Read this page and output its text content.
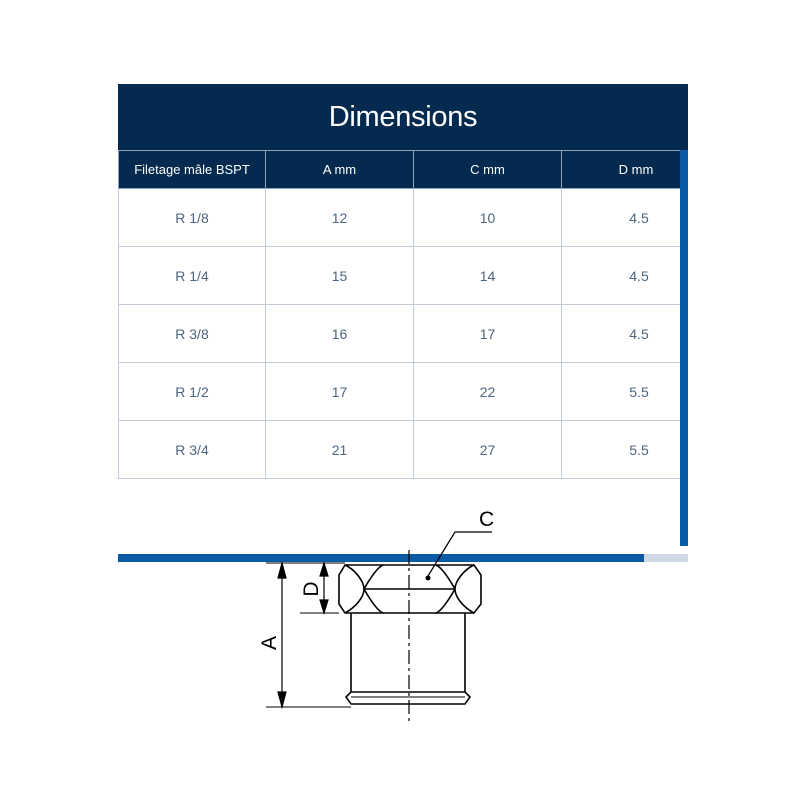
Dimensions
Filetage mâle BSPT	A mm	C mm	D mm
R 1/8	12	10	4.5
R 1/4	15	14	4.5
R 3/8	16	17	4.5
R 1/2	17	22	5.5
R 3/4	21	27	5.5
C
A
D
